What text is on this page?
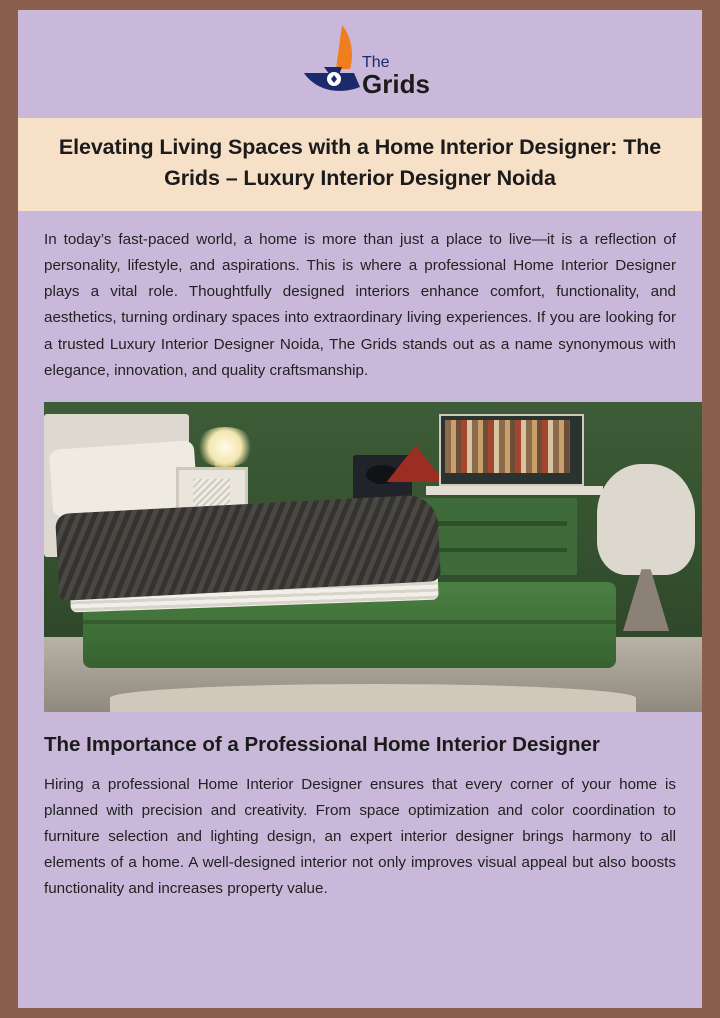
The
Grids
Elevating Living Spaces with a Home Interior Designer: The Grids – Luxury Interior Designer Noida

In today’s fast-paced world, a home is more than just a place to live—it is a reflection of personality, lifestyle, and aspirations. This is where a professional Home Interior Designer plays a vital role. Thoughtfully designed interiors enhance comfort, functionality, and aesthetics, turning ordinary spaces into extraordinary living experiences. If you are looking for a trusted Luxury Interior Designer Noida, The Grids stands out as a name synonymous with elegance, innovation, and quality craftsmanship.

The Importance of a Professional Home Interior Designer

Hiring a professional Home Interior Designer ensures that every corner of your home is planned with precision and creativity. From space optimization and color coordination to furniture selection and lighting design, an expert interior designer brings harmony to all elements of a home. A well-designed interior not only improves visual appeal but also boosts functionality and increases property value.
